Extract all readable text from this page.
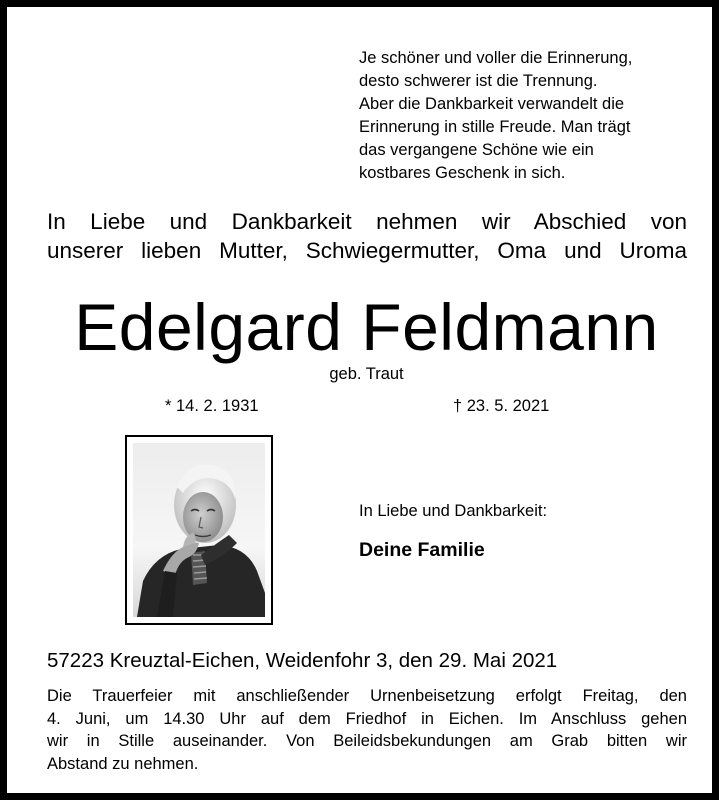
Je schöner und voller die Erinnerung,
desto schwerer ist die Trennung.
Aber die Dankbarkeit verwandelt die
Erinnerung in stille Freude. Man trägt
das vergangene Schöne wie ein
kostbares Geschenk in sich.
In Liebe und Dankbarkeit nehmen wir Abschied von
unserer lieben Mutter, Schwiegermutter, Oma und Uroma
Edelgard Feldmann
geb. Traut
* 14. 2. 1931	† 23. 5. 2021
In Liebe und Dankbarkeit:
Deine Familie
57223 Kreuztal-Eichen, Weidenfohr 3, den 29. Mai 2021
Die Trauerfeier mit anschließender Urnenbeisetzung erfolgt Freitag, den
4. Juni, um 14.30 Uhr auf dem Friedhof in Eichen. Im Anschluss gehen
wir in Stille auseinander. Von Beileidsbekundungen am Grab bitten wir
Abstand zu nehmen.
